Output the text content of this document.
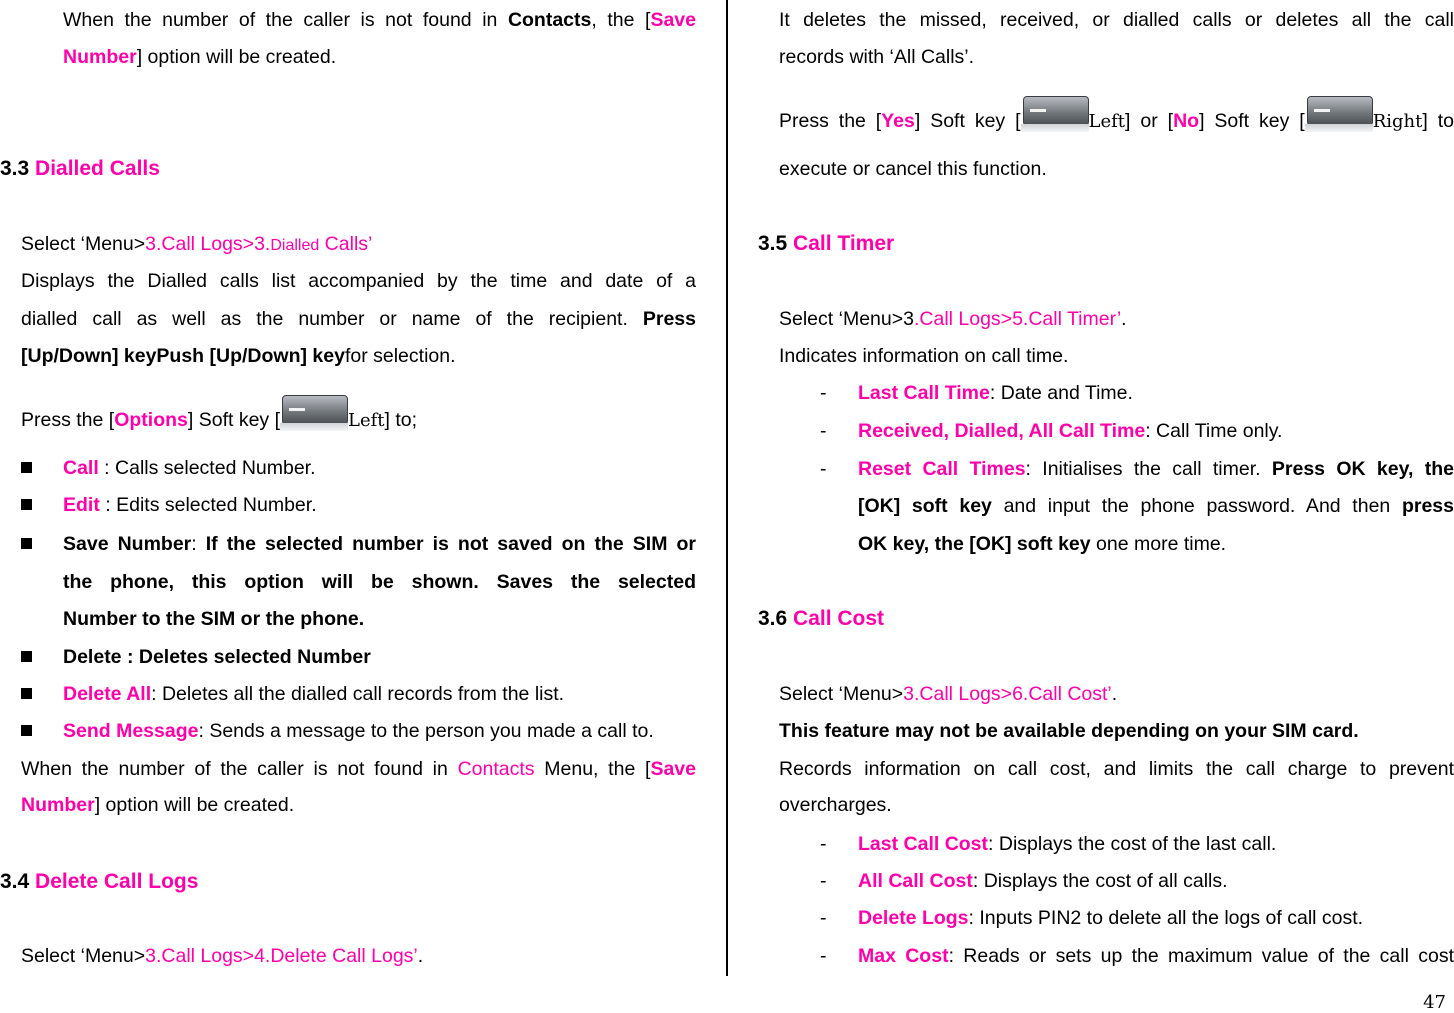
When the number of the caller is not found in Contacts, the [Save
Number] option will be created.
3.3 Dialled Calls
Select ‘Menu>3.Call Logs>3.Dialled Calls’
Displays the Dialled calls list accompanied by the time and date of a
dialled call as well as the number or name of the recipient. Press
[Up/Down] keyPush [Up/Down] keyfor selection.
Press the [Options] Soft key [	Left] to;
Call : Calls selected Number.
Edit : Edits selected Number.
Save Number: If the selected number is not saved on the SIM or
the phone, this option will be shown. Saves the selected
Number to the SIM or the phone.
Delete : Deletes selected Number
Delete All: Deletes all the dialled call records from the list.
Send Message: Sends a message to the person you made a call to.
When the number of the caller is not found in Contacts Menu, the [Save
Number] option will be created.
3.4 Delete Call Logs
Select ‘Menu>3.Call Logs>4.Delete Call Logs’.
It deletes the missed, received, or dialled calls or deletes all the call
records with ‘All Calls’.
Press the [Yes] Soft key [	Left] or [No] Soft key [	Right] to
execute or cancel this function.
3.5 Call Timer
Select ‘Menu>3.Call Logs>5.Call Timer’.
Indicates information on call time.
- Last Call Time: Date and Time.
- Received, Dialled, All Call Time: Call Time only.
- Reset Call Times: Initialises the call timer. Press OK key, the
[OK] soft key and input the phone password. And then press
OK key, the [OK] soft key one more time.
3.6 Call Cost
Select ‘Menu>3.Call Logs>6.Call Cost’.
This feature may not be available depending on your SIM card.
Records information on call cost, and limits the call charge to prevent
overcharges.
- Last Call Cost: Displays the cost of the last call.
- All Call Cost: Displays the cost of all calls.
- Delete Logs: Inputs PIN2 to delete all the logs of call cost.
- Max Cost: Reads or sets up the maximum value of the call cost
47
